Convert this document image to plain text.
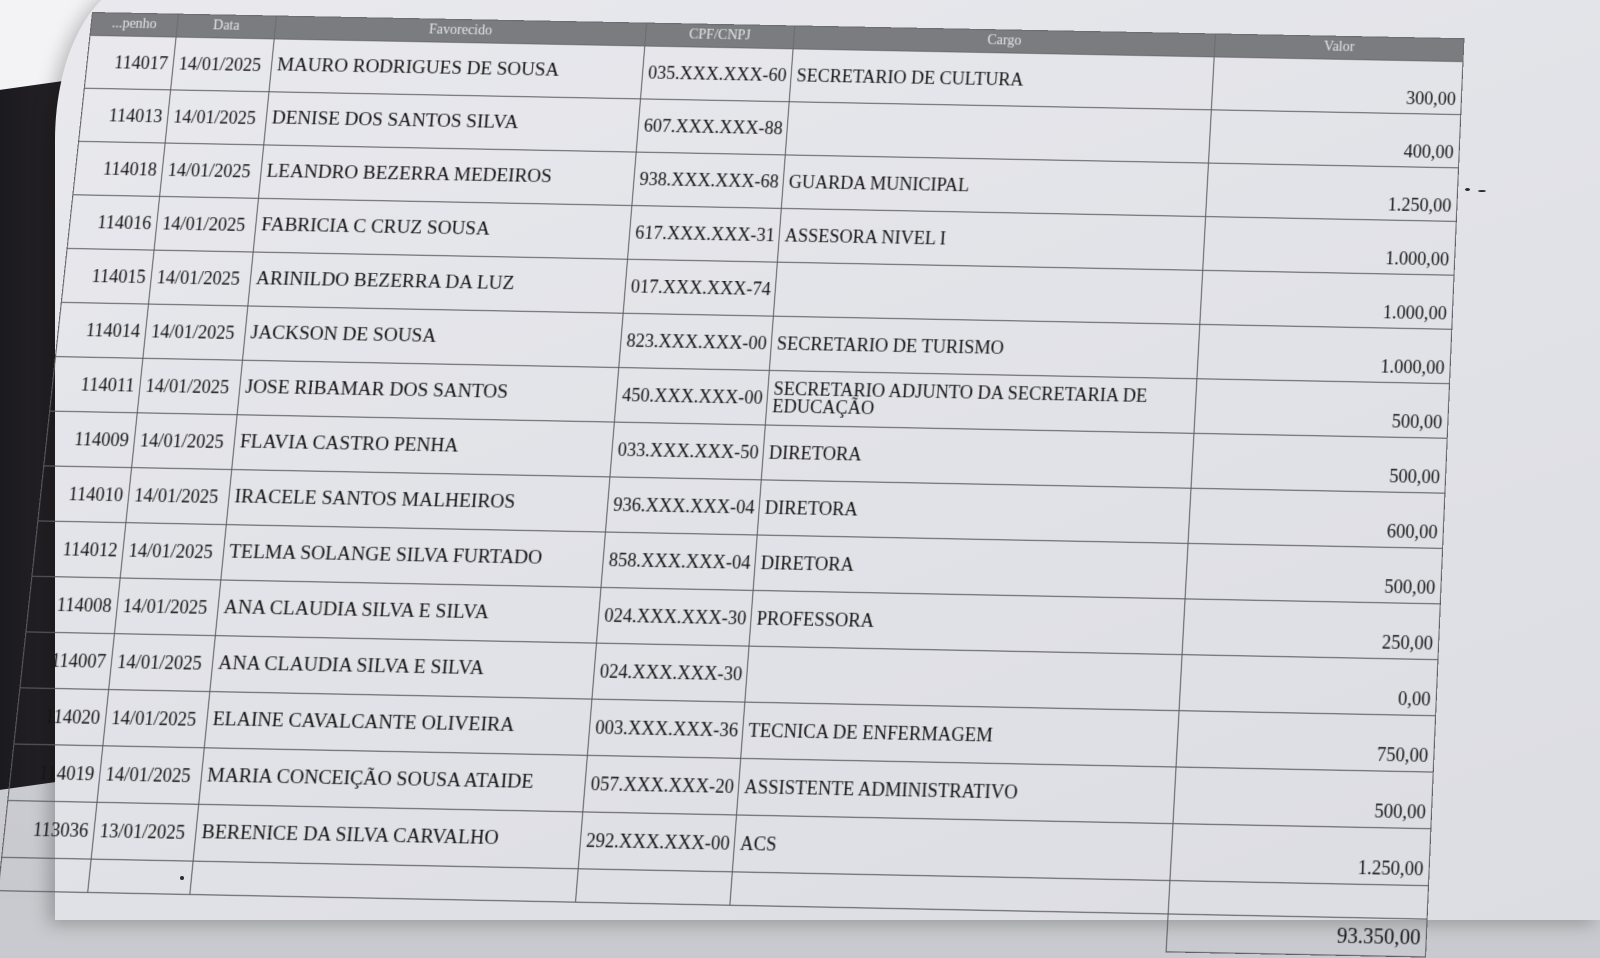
...penho	Data	Favorecido	CPF/CNPJ	Cargo	Valor
114017	14/01/2025	MAURO RODRIGUES DE SOUSA	035.XXX.XXX-60	SECRETARIO DE CULTURA	300,00
114013	14/01/2025	DENISE DOS SANTOS SILVA	607.XXX.XXX-88		400,00
114018	14/01/2025	LEANDRO BEZERRA MEDEIROS	938.XXX.XXX-68	GUARDA MUNICIPAL	1.250,00
114016	14/01/2025	FABRICIA C CRUZ SOUSA	617.XXX.XXX-31	ASSESORA NIVEL I	1.000,00
114015	14/01/2025	ARINILDO BEZERRA DA LUZ	017.XXX.XXX-74		1.000,00
114014	14/01/2025	JACKSON DE SOUSA	823.XXX.XXX-00	SECRETARIO DE TURISMO	1.000,00
114011	14/01/2025	JOSE RIBAMAR DOS SANTOS	450.XXX.XXX-00	SECRETARIO ADJUNTO DA SECRETARIA DE EDUCAÇÃO	500,00
114009	14/01/2025	FLAVIA CASTRO PENHA	033.XXX.XXX-50	DIRETORA	500,00
114010	14/01/2025	IRACELE SANTOS MALHEIROS	936.XXX.XXX-04	DIRETORA	600,00
114012	14/01/2025	TELMA SOLANGE SILVA FURTADO	858.XXX.XXX-04	DIRETORA	500,00
114008	14/01/2025	ANA CLAUDIA SILVA E SILVA	024.XXX.XXX-30	PROFESSORA	250,00
114007	14/01/2025	ANA CLAUDIA SILVA E SILVA	024.XXX.XXX-30		0,00
114020	14/01/2025	ELAINE CAVALCANTE OLIVEIRA	003.XXX.XXX-36	TECNICA DE ENFERMAGEM	750,00
114019	14/01/2025	MARIA CONCEIÇÃO SOUSA ATAIDE	057.XXX.XXX-20	ASSISTENTE ADMINISTRATIVO	500,00
113036	13/01/2025	BERENICE DA SILVA CARVALHO	292.XXX.XXX-00	ACS	1.250,00

					93.350,00
